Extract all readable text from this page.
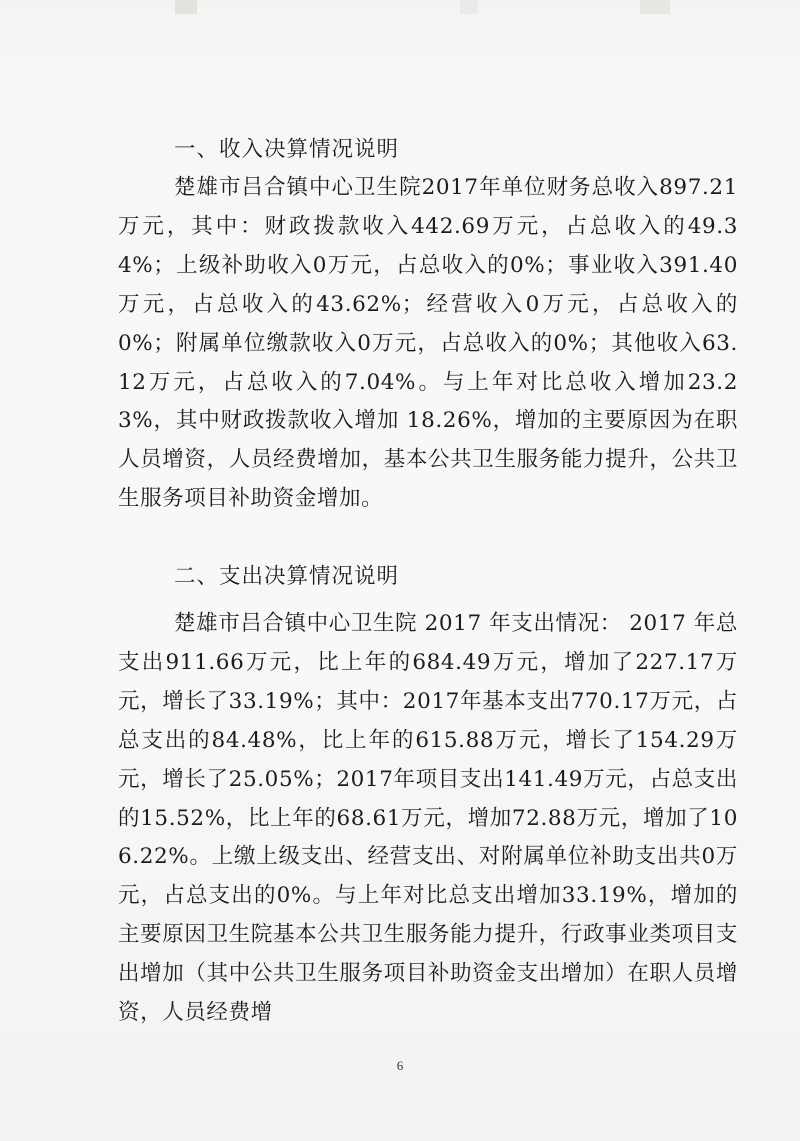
一、收入决算情况说明
楚雄市吕合镇中心卫生院2017年单位财务总收入897.21万元，其中：财政拨款收入442.69万元，占总收入的49.34%；上级补助收入0万元，占总收入的0%；事业收入391.40万元，占总收入的43.62%；经营收入0万元，占总收入的0%；附属单位缴款收入0万元，占总收入的0%；其他收入63.12万元，占总收入的7.04%。与上年对比总收入增加23.23%，其中财政拨款收入增加 18.26%，增加的主要原因为在职人员增资，人员经费增加，基本公共卫生服务能力提升，公共卫生服务项目补助资金增加。
二、支出决算情况说明
楚雄市吕合镇中心卫生院 2017 年支出情况： 2017 年总支出911.66万元，比上年的684.49万元，增加了227.17万元，增长了33.19%；其中：2017年基本支出770.17万元，占总支出的84.48%，比上年的615.88万元，增长了154.29万元，增长了25.05%；2017年项目支出141.49万元，占总支出的15.52%，比上年的68.61万元，增加72.88万元，增加了106.22%。上缴上级支出、经营支出、对附属单位补助支出共0万元，占总支出的0%。与上年对比总支出增加33.19%，增加的主要原因卫生院基本公共卫生服务能力提升，行政事业类项目支出增加（其中公共卫生服务项目补助资金支出增加）在职人员增资，人员经费增
6
